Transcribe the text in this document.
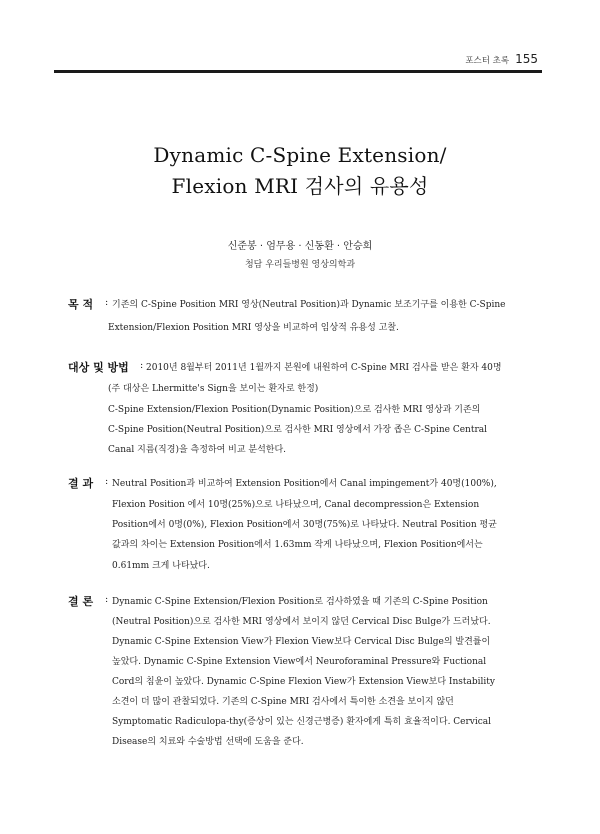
포스터 초록 155
Dynamic C-Spine Extension/
Flexion MRI 검사의 유용성
신준봉 · 엄무용 · 신동환 · 안승희
청담 우리들병원 영상의학과
목 적 : 기존의 C-Spine Position MRI 영상(Neutral Position)과 Dynamic 보조기구를 이용한 C-Spine
Extension/Flexion Position MRI 영상을 비교하여 임상적 유용성 고찰.
대상 및 방법 : 2010년 8월부터 2011년 1월까지 본원에 내원하여 C-Spine MRI 검사를 받은 환자 40명
(주 대상은 Lhermitte's Sign을 보이는 환자로 한정)
C-Spine Extension/Flexion Position(Dynamic Position)으로 검사한 MRI 영상과 기존의
C-Spine Position(Neutral Position)으로 검사한 MRI 영상에서 가장 좁은 C-Spine Central
Canal 지름(직경)을 측정하여 비교 분석한다.
결 과 : Neutral Position과 비교하여 Extension Position에서 Canal impingement가 40명(100%),
Flexion Position 에서 10명(25%)으로 나타났으며, Canal decompression은 Extension
Position에서 0명(0%), Flexion Position에서 30명(75%)로 나타났다. Neutral Position 평균
값과의 차이는 Extension Position에서 1.63mm 작게 나타났으며, Flexion Position에서는
0.61mm 크게 나타났다.
결 론 : Dynamic C-Spine Extension/Flexion Position로 검사하였을 때 기존의 C-Spine Position
(Neutral Position)으로 검사한 MRI 영상에서 보이지 않던 Cervical Disc Bulge가 드러났다.
Dynamic C-Spine Extension View가 Flexion View보다 Cervical Disc Bulge의 발견률이
높았다. Dynamic C-Spine Extension View에서 Neuroforaminal Pressure와 Fuctional
Cord의 침윤이 높았다. Dynamic C-Spine Flexion View가 Extension View보다 Instability
소견이 더 많이 관찰되었다. 기존의 C-Spine MRI 검사에서 특이한 소견을 보이지 않던
Symptomatic Radiculopa-thy(증상이 있는 신경근병증) 환자에게 특히 효율적이다. Cervical
Disease의 치료와 수술방법 선택에 도움을 준다.
